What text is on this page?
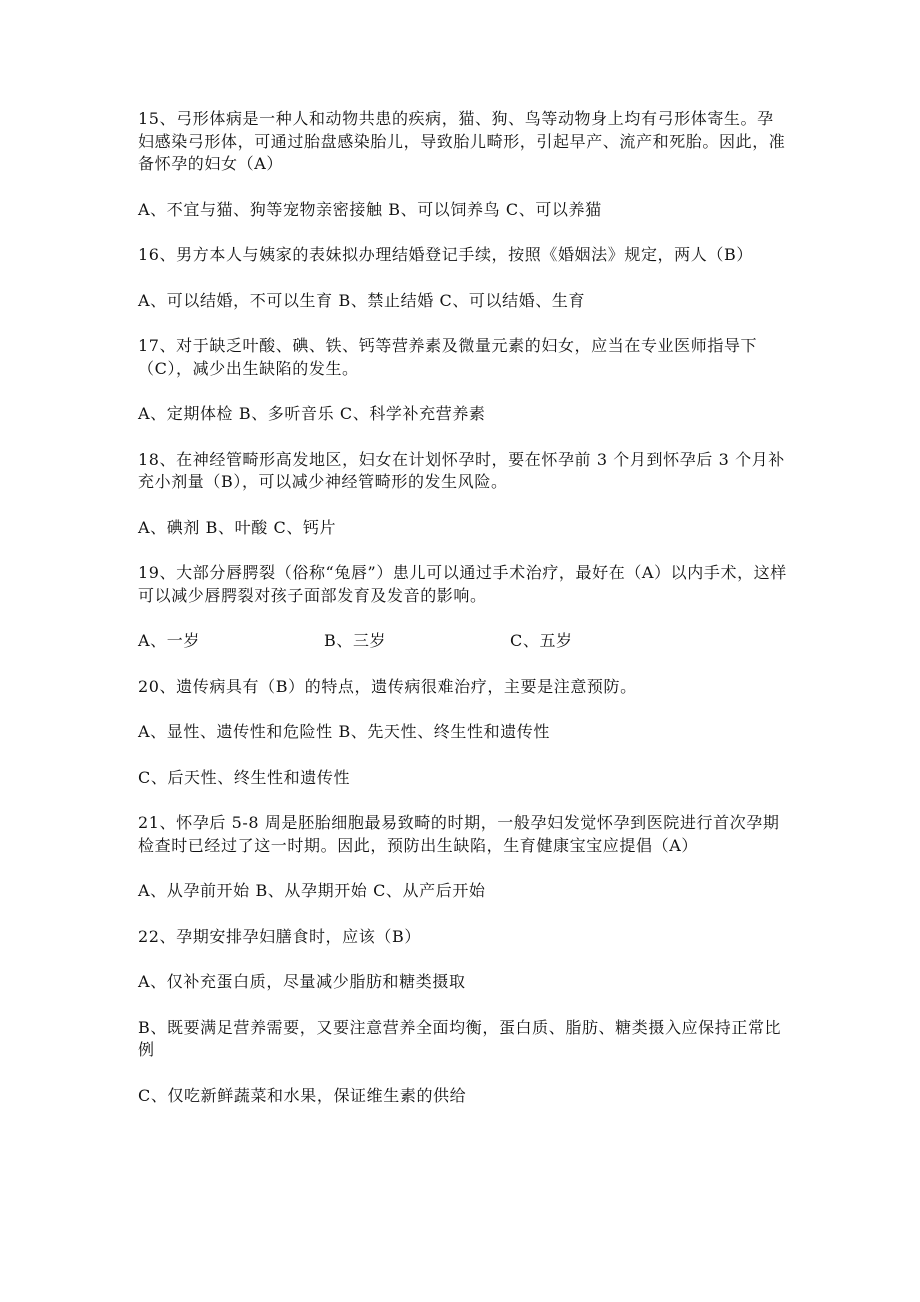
15、弓形体病是一种人和动物共患的疾病，猫、狗、鸟等动物身上均有弓形体寄生。孕妇感染弓形体，可通过胎盘感染胎儿，导致胎儿畸形，引起早产、流产和死胎。因此，准备怀孕的妇女（A）

A、不宜与猫、狗等宠物亲密接触 B、可以饲养鸟 C、可以养猫

16、男方本人与姨家的表妹拟办理结婚登记手续，按照《婚姻法》规定，两人（B）

A、可以结婚，不可以生育 B、禁止结婚 C、可以结婚、生育

17、对于缺乏叶酸、碘、铁、钙等营养素及微量元素的妇女，应当在专业医师指导下（C），减少出生缺陷的发生。

A、定期体检 B、多听音乐 C、科学补充营养素

18、在神经管畸形高发地区，妇女在计划怀孕时，要在怀孕前 3 个月到怀孕后 3 个月补充小剂量（B），可以减少神经管畸形的发生风险。

A、碘剂 B、叶酸 C、钙片

19、大部分唇腭裂（俗称“兔唇”）患儿可以通过手术治疗，最好在（A）以内手术，这样可以减少唇腭裂对孩子面部发育及发音的影响。

A、一岁	B、三岁	C、五岁

20、遗传病具有（B）的特点，遗传病很难治疗，主要是注意预防。

A、显性、遗传性和危险性 B、先天性、终生性和遗传性

C、后天性、终生性和遗传性

21、怀孕后 5-8 周是胚胎细胞最易致畸的时期，一般孕妇发觉怀孕到医院进行首次孕期检查时已经过了这一时期。因此，预防出生缺陷，生育健康宝宝应提倡（A）

A、从孕前开始 B、从孕期开始 C、从产后开始

22、孕期安排孕妇膳食时，应该（B）

A、仅补充蛋白质，尽量减少脂肪和糖类摄取

B、既要满足营养需要，又要注意营养全面均衡，蛋白质、脂肪、糖类摄入应保持正常比例

C、仅吃新鲜蔬菜和水果，保证维生素的供给
